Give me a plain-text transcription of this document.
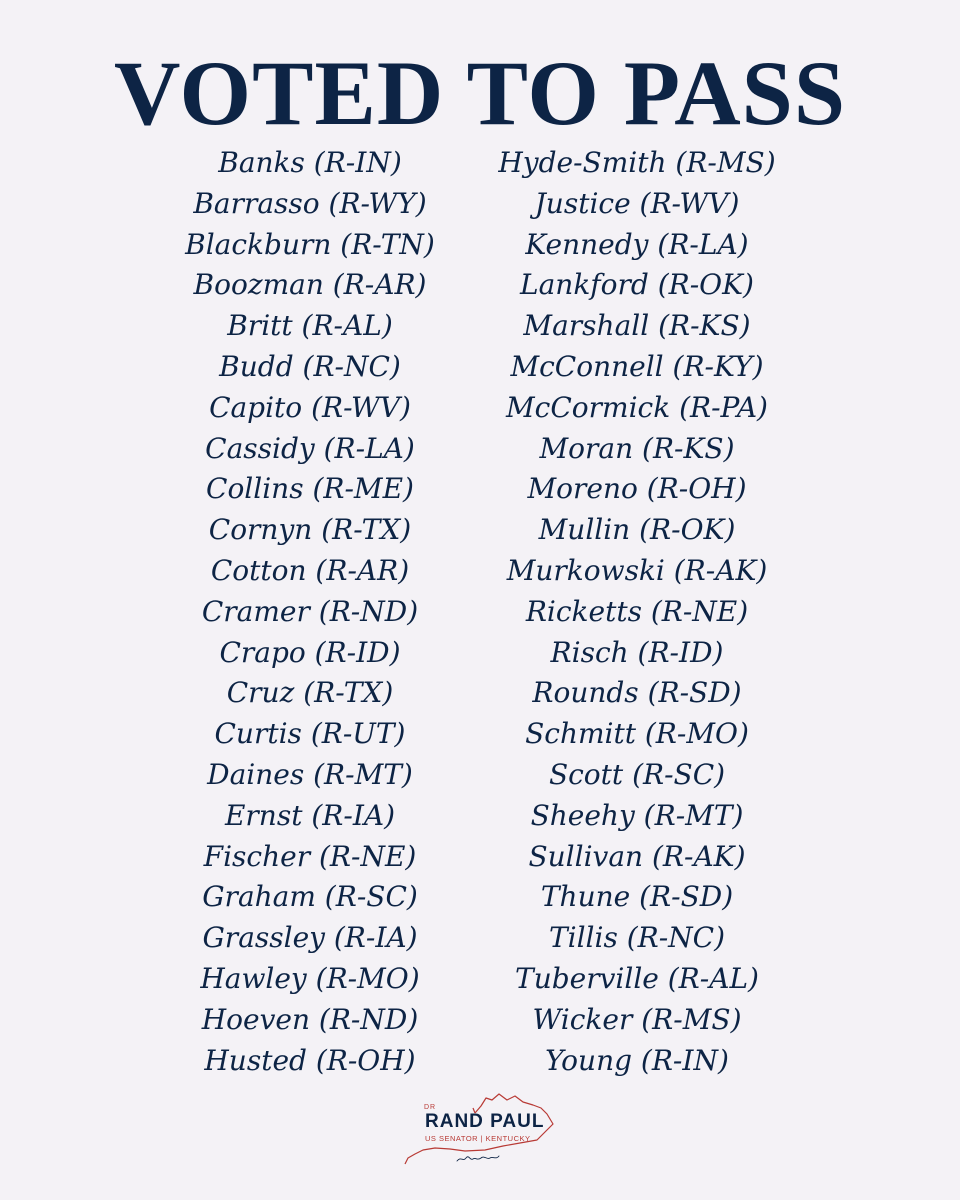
VOTED TO PASS
Banks (R-IN)
Barrasso (R-WY)
Blackburn (R-TN)
Boozman (R-AR)
Britt (R-AL)
Budd (R-NC)
Capito (R-WV)
Cassidy (R-LA)
Collins (R-ME)
Cornyn (R-TX)
Cotton (R-AR)
Cramer (R-ND)
Crapo (R-ID)
Cruz (R-TX)
Curtis (R-UT)
Daines (R-MT)
Ernst (R-IA)
Fischer (R-NE)
Graham (R-SC)
Grassley (R-IA)
Hawley (R-MO)
Hoeven (R-ND)
Husted (R-OH)
Hyde-Smith (R-MS)
Justice (R-WV)
Kennedy (R-LA)
Lankford (R-OK)
Marshall (R-KS)
McConnell (R-KY)
McCormick (R-PA)
Moran (R-KS)
Moreno (R-OH)
Mullin (R-OK)
Murkowski (R-AK)
Ricketts (R-NE)
Risch (R-ID)
Rounds (R-SD)
Schmitt (R-MO)
Scott (R-SC)
Sheehy (R-MT)
Sullivan (R-AK)
Thune (R-SD)
Tillis (R-NC)
Tuberville (R-AL)
Wicker (R-MS)
Young (R-IN)
DR
RAND PAUL
US SENATOR | KENTUCKY
